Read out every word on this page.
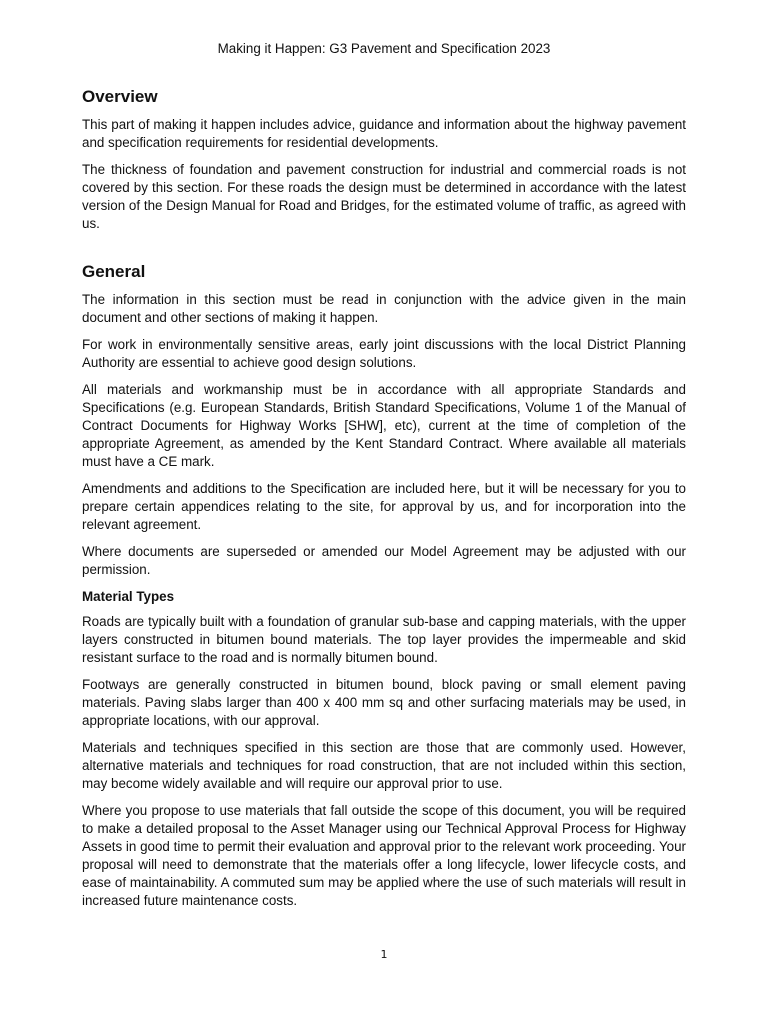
Making it Happen: G3 Pavement and Specification 2023
Overview

This part of making it happen includes advice, guidance and information about the highway pavement and specification requirements for residential developments.

The thickness of foundation and pavement construction for industrial and commercial roads is not covered by this section. For these roads the design must be determined in accordance with the latest version of the Design Manual for Road and Bridges, for the estimated volume of traffic, as agreed with us.

General

The information in this section must be read in conjunction with the advice given in the main document and other sections of making it happen.

For work in environmentally sensitive areas, early joint discussions with the local District Planning Authority are essential to achieve good design solutions.

All materials and workmanship must be in accordance with all appropriate Standards and Specifications (e.g. European Standards, British Standard Specifications, Volume 1 of the Manual of Contract Documents for Highway Works [SHW], etc), current at the time of completion of the appropriate Agreement, as amended by the Kent Standard Contract. Where available all materials must have a CE mark.

Amendments and additions to the Specification are included here, but it will be necessary for you to prepare certain appendices relating to the site, for approval by us, and for incorporation into the relevant agreement.

Where documents are superseded or amended our Model Agreement may be adjusted with our permission.

Material Types

Roads are typically built with a foundation of granular sub-base and capping materials, with the upper layers constructed in bitumen bound materials. The top layer provides the impermeable and skid resistant surface to the road and is normally bitumen bound.

Footways are generally constructed in bitumen bound, block paving or small element paving materials. Paving slabs larger than 400 x 400 mm sq and other surfacing materials may be used, in appropriate locations, with our approval.

Materials and techniques specified in this section are those that are commonly used. However, alternative materials and techniques for road construction, that are not included within this section, may become widely available and will require our approval prior to use.

Where you propose to use materials that fall outside the scope of this document, you will be required to make a detailed proposal to the Asset Manager using our Technical Approval Process for Highway Assets in good time to permit their evaluation and approval prior to the relevant work proceeding. Your proposal will need to demonstrate that the materials offer a long lifecycle, lower lifecycle costs, and ease of maintainability. A commuted sum may be applied where the use of such materials will result in increased future maintenance costs.

1
